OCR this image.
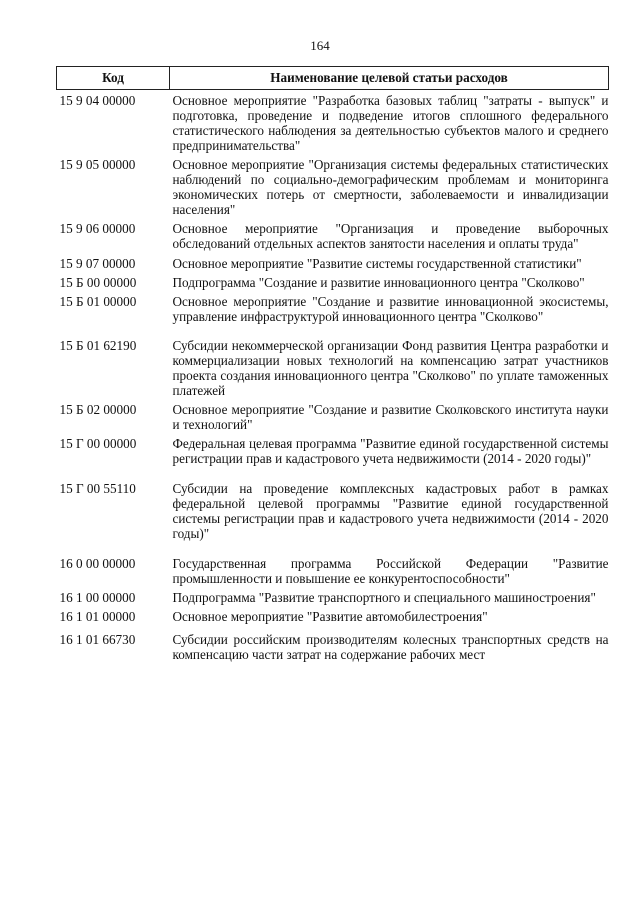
164
Код	Наименование целевой статьи расходов
15 9 04 00000	Основное мероприятие "Разработка базовых таблиц "затраты - выпуск" и подготовка, проведение и подведение итогов сплошного федерального статистического наблюдения за деятельностью субъектов малого и среднего предпринимательства"
15 9 05 00000	Основное мероприятие "Организация системы федеральных статистических наблюдений по социально-демографическим проблемам и мониторинга экономических потерь от смертности, заболеваемости и инвалидизации населения"
15 9 06 00000	Основное мероприятие "Организация и проведение выборочных обследований отдельных аспектов занятости населения и оплаты труда"
15 9 07 00000	Основное мероприятие "Развитие системы государственной статистики"
15 Б 00 00000	Подпрограмма "Создание и развитие инновационного центра "Сколково"
15 Б 01 00000	Основное мероприятие "Создание и развитие инновационной экосистемы, управление инфраструктурой инновационного центра "Сколково"
15 Б 01 62190	Субсидии некоммерческой организации Фонд развития Центра разработки и коммерциализации новых технологий на компенсацию затрат участников проекта создания инновационного центра "Сколково" по уплате таможенных платежей
15 Б 02 00000	Основное мероприятие "Создание и развитие Сколковского института науки и технологий"
15 Г 00 00000	Федеральная целевая программа "Развитие единой государственной системы регистрации прав и кадастрового учета недвижимости (2014 - 2020 годы)"
15 Г 00 55110	Субсидии на проведение комплексных кадастровых работ в рамках федеральной целевой программы "Развитие единой государственной системы регистрации прав и кадастрового учета недвижимости (2014 - 2020 годы)"
16 0 00 00000	Государственная программа Российской Федерации "Развитие промышленности и повышение ее конкурентоспособности"
16 1 00 00000	Подпрограмма "Развитие транспортного и специального машиностроения"
16 1 01 00000	Основное мероприятие "Развитие автомобилестроения"
16 1 01 66730	Субсидии российским производителям колесных транспортных средств на компенсацию части затрат на содержание рабочих мест
